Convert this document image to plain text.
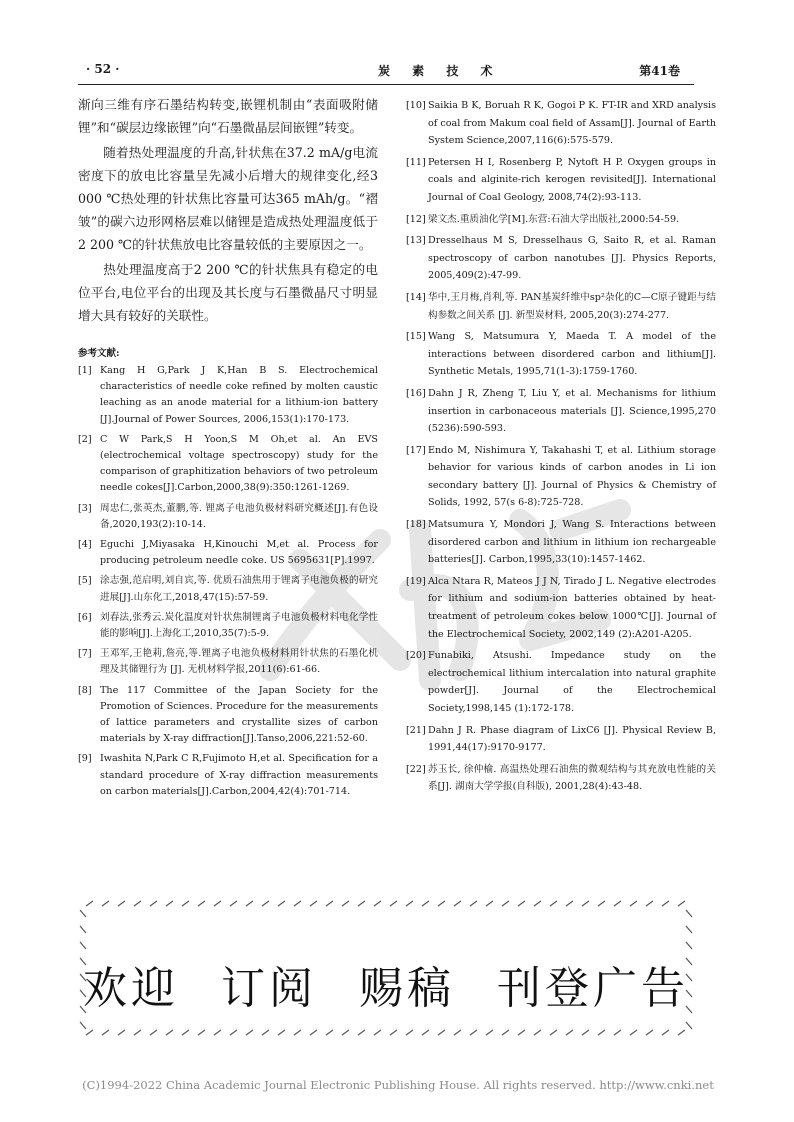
· 52 ·	炭 素 技 术	第41卷

渐向三维有序石墨结构转变,嵌锂机制由“表面吸附储锂”和“碳层边缘嵌锂”向“石墨微晶层间嵌锂”转变。

随着热处理温度的升高,针状焦在37.2 mA/g电流密度下的放电比容量呈先减小后增大的规律变化,经3 000 ℃热处理的针状焦比容量可达365 mAh/g。“褶皱”的碳六边形网格层难以储锂是造成热处理温度低于2 200 ℃的针状焦放电比容量较低的主要原因之一。

热处理温度高于2 200 ℃的针状焦具有稳定的电位平台,电位平台的出现及其长度与石墨微晶尺寸明显增大具有较好的关联性。

参考文献:
[1] Kang H G,Park J K,Han B S. Electrochemical characteristics of needle coke refined by molten caustic leaching as an anode material for a lithium-ion battery [J].Journal of Power Sources, 2006,153(1):170-173.
[2] C W Park,S H Yoon,S M Oh,et al. An EVS (electrochemical voltage spectroscopy) study for the comparison of graphitization behaviors of two petroleum needle cokes[J].Carbon,2000,38(9):350:1261-1269.
[3] 周忠仁,张英杰,董鹏,等. 锂离子电池负极材料研究概述[J].有色设备,2020,193(2):10-14.
[4] Eguchi J,Miyasaka H,Kinouchi M,et al. Process for producing petroleum needle coke. US 5695631[P].1997.
[5] 涂志强,范启明,刘自宾,等. 优质石油焦用于锂离子电池负极的研究进展[J].山东化工,2018,47(15):57-59.
[6] 刘春法,张秀云.炭化温度对针状焦制锂离子电池负极材料电化学性能的影响[J].上海化工,2010,35(7):5-9.
[7] 王邓军,王艳莉,詹亮,等.锂离子电池负极材料用针状焦的石墨化机理及其储锂行为 [J]. 无机材料学报,2011(6):61-66.
[8] The 117 Committee of the Japan Society for the Promotion of Sciences. Procedure for the measurements of lattice parameters and crystallite sizes of carbon materials by X-ray diffraction[J].Tanso,2006,221:52-60.
[9] Iwashita N,Park C R,Fujimoto H,et al. Specification for a standard procedure of X-ray diffraction measurements on carbon materials[J].Carbon,2004,42(4):701-714.
[10] Saikia B K, Boruah R K, Gogoi P K. FT-IR and XRD analysis of coal from Makum coal field of Assam[J]. Journal of Earth System Science,2007,116(6):575-579.
[11] Petersen H I, Rosenberg P, Nytoft H P. Oxygen groups in coals and alginite-rich kerogen revisited[J]. International Journal of Coal Geology, 2008,74(2):93-113.
[12] 梁文杰.重质油化学[M].东营:石油大学出版社,2000:54-59.
[13] Dresselhaus M S, Dresselhaus G, Saito R, et al. Raman spectroscopy of carbon nanotubes [J]. Physics Reports, 2005,409(2):47-99.
[14] 华中,王月梅,肖利,等. PAN基炭纤维中sp²杂化的C—C原子键距与结构参数之间关系 [J]. 新型炭材料, 2005,20(3):274-277.
[15] Wang S, Matsumura Y, Maeda T. A model of the interactions between disordered carbon and lithium[J]. Synthetic Metals, 1995,71(1-3):1759-1760.
[16] Dahn J R, Zheng T, Liu Y, et al. Mechanisms for lithium insertion in carbonaceous materials [J]. Science,1995,270 (5236):590-593.
[17] Endo M, Nishimura Y, Takahashi T, et al. Lithium storage behavior for various kinds of carbon anodes in Li ion secondary battery [J]. Journal of Physics & Chemistry of Solids, 1992, 57(s 6-8):725-728.
[18] Matsumura Y, Mondori J, Wang S. Interactions between disordered carbon and lithium in lithium ion rechargeable batteries[J]. Carbon,1995,33(10):1457-1462.
[19] Alca Ntara R, Mateos J J N, Tirado J L. Negative electrodes for lithium and sodium-ion batteries obtained by heat-treatment of petroleum cokes below 1000℃[J]. Journal of the Electrochemical Society, 2002,149 (2):A201-A205.
[20] Funabiki, Atsushi. Impedance study on the electrochemical lithium intercalation into natural graphite powder[J]. Journal of the Electrochemical Society,1998,145 (1):172-178.
[21] Dahn J R. Phase diagram of LixC6 [J]. Physical Review B, 1991,44(17):9170-9177.
[22] 苏玉长, 徐仲榆. 高温热处理石油焦的微观结构与其充放电性能的关系[J]. 湖南大学学报(自科版), 2001,28(4):43-48.
欢迎 订阅 赐稿 刊登广告
(C)1994-2022 China Academic Journal Electronic Publishing House. All rights reserved. http://www.cnki.net
